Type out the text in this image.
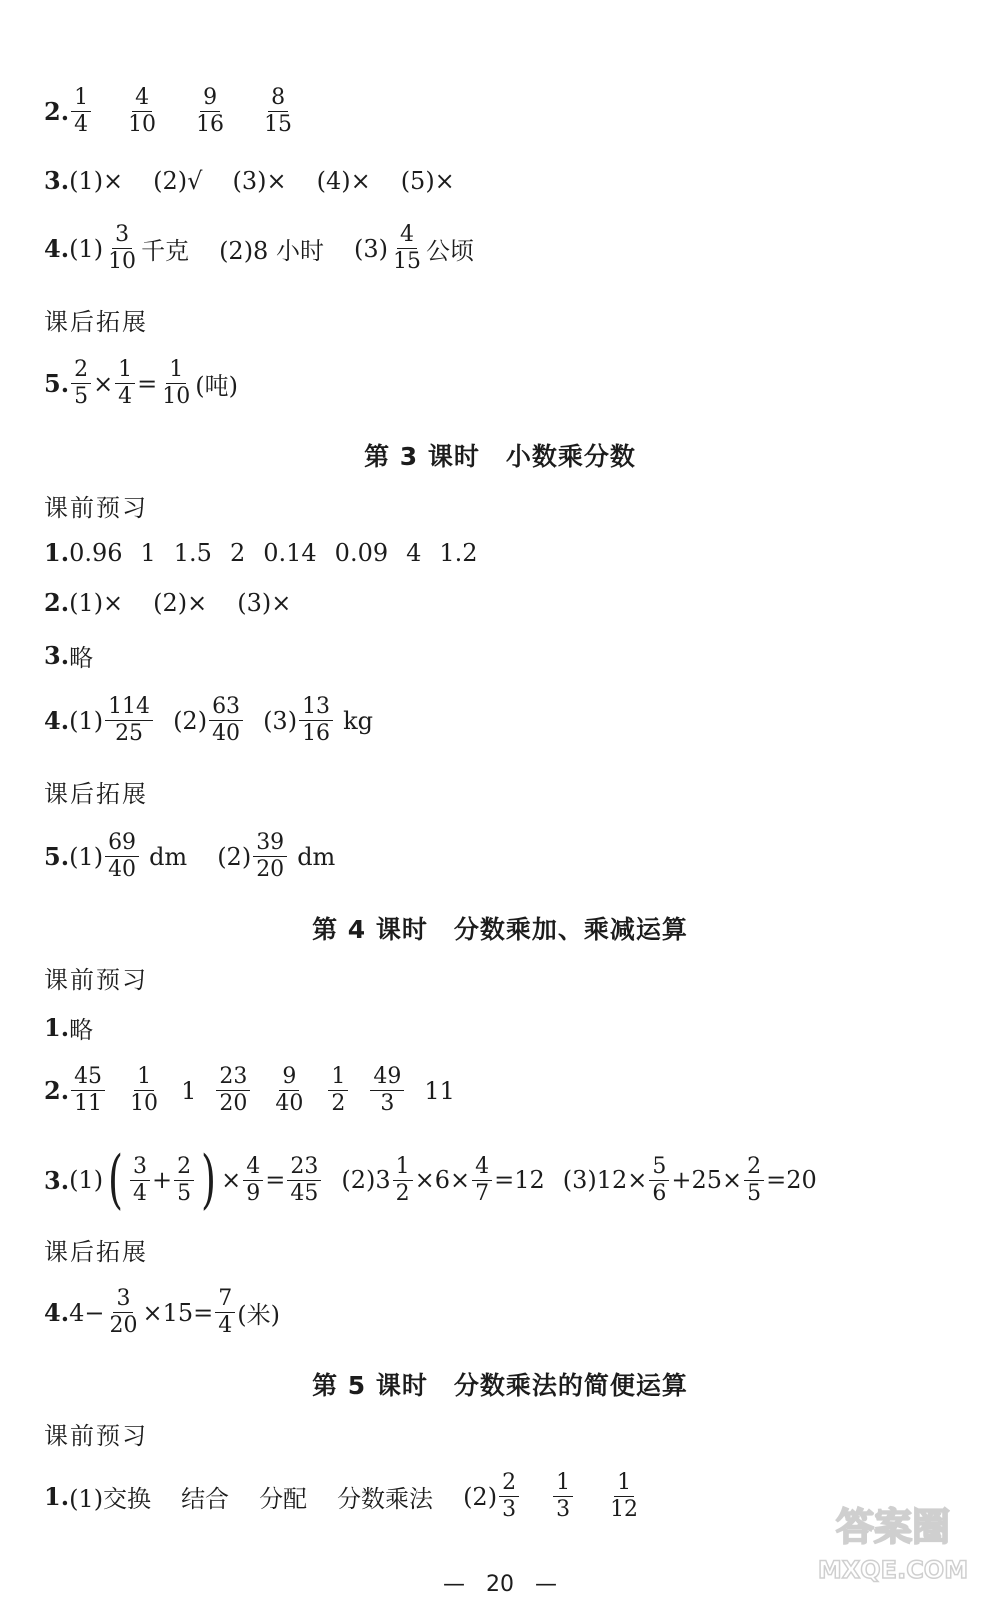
2. $\frac{1}{4} \frac{4}{10} \frac{9}{16} \frac{8}{15}$
3. (1)× (2)√ (3)× (4)× (5)×
4. $(1) \frac{3}{10}$ 千克 (2)8 小时 $(3) \frac{4}{15}$ 公顷
课后拓展
5. $\frac{2}{5} \times \frac{1}{4} = \frac{1}{10}$ (吨)
第 3 课时　小数乘分数
课前预习
1. 0.96 1 1.5 2 0.14 0.09 4 1.2
2. (1)× (2)× (3)×
3. 略
4. $(1) \frac{114}{25} (2) \frac{63}{40} (3) \frac{13}{16}$ kg
课后拓展
5. $(1) \frac{69}{40}$ dm $(2) \frac{39}{20}$ dm
第 4 课时　分数乘加、乘减运算
课前预习
1. 略
2. $\frac{45}{11} \frac{1}{10} 1 \frac{23}{20} \frac{9}{40} \frac{1}{2} \frac{49}{3} 11$
3. (1) ( $\frac{3}{4} + \frac{2}{5}$ ) × $\frac{4}{9} = \frac{23}{45} (2)3 \frac{1}{2} \times 6\times \frac{4}{7} =12$ $(3)12\times \frac{5}{6} +25\times \frac{2}{5} =20$
课后拓展
4. $4- \frac{3}{20} \times 15= \frac{7}{4}$ (米)
第 5 课时　分数乘法的简便运算
课前预习
1. (1)交换 结合 分配 分数乘法 $(2) \frac{2}{3} \frac{1}{3} \frac{1}{12}$
— 20 —
答案圈
MXQE.COM
